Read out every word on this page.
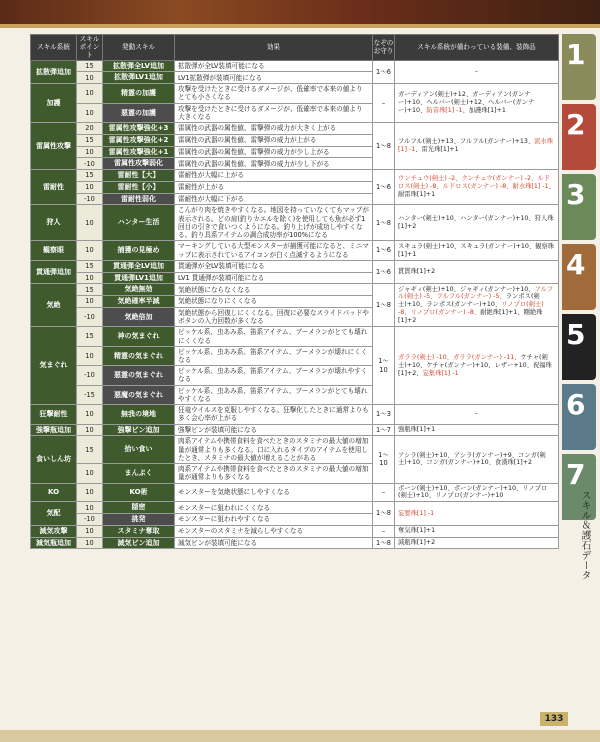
スキル系統	スキルポイント	発動スキル	効果	なぞの お守り	スキル系統が備わっている装備、装飾品
拡散弾追加	15	拡散弾全LV追加	拡散弾が全LV装填可能になる	1〜6	–
	10	拡散弾LV1追加	LV1拡散弾が装填可能になる		
加護	10	精霊の加護	攻撃を受けたときに受けるダメージが、低確率で本来の値よりとても小さくなる	–	ガーディアン(剣士)+12、ガーディアン(ガンナー)+10、ヘルバー(剣士)+12、ヘルバー(ガンナー)+10、防音珠[1] -1、加護珠[1]+1
	10	悪霊の加護	攻撃を受けたときに受けるダメージが、低確率で本来の値より大きくなる		
雷属性攻撃	20	雷属性攻撃強化+3	雷属性の武器の属性値、雷撃弾の威力が大きく上がる	1〜8	フルフル(剣士)+13、フルフル(ガンナー)+13、流水珠[1] -1、雷光珠[1]+1
	15	雷属性攻撃強化+2	雷属性の武器の属性値、雷撃弾の威力が上がる		
	10	雷属性攻撃強化+1	雷属性の武器の属性値、雷撃弾の威力が少し上がる		
	-10	雷属性攻撃弱化	雷属性の武器の属性値、雷撃弾の威力が少し下がる		
雷耐性	15	雷耐性【大】	雷耐性が大幅に上がる	1〜6	ウンチュウ(剣士) -2、クンチュウ(ガンナー) -2、ルドロス(剣士) -8、ルドロス(ガンナー) -8、耐水珠[1] -1、耐雷珠[1]+1
	10	雷耐性【小】	雷耐性が上がる		
	-10	雷耐性弱化	雷耐性が大幅に下がる		
狩人	10	ハンター生活	こんがり肉を焼きやすくなる。地図を持っていなくてもマップが表示される。どの肩(釣りカエルを除く)を使用しても魚が必ず1回目の引きで食いつくようになる。釣り上げが成功しやすくなる。釣り具系アイテムの調合成功率が100%になる	1〜8	ハンター(剣士)+10、ハンター(ガンナー)+10、狩人珠[1]+2
観察眼	10	捕獲の見極め	マーキングしている大型モンスターが捕獲可能になると、ミニマップに表示されているアイコンが白く点滅するようになる	1〜6	スキュラ(剣士)+10、スキュラ(ガンナー)+10、観察珠[1]+1
貫通弾追加	15	貫通弾全LV追加	貫通弾が全LV装填可能になる	1〜6	貫貫珠[1]+2
	10	貫通弾LV1追加	LV1 貫通弾が装填可能になる		
気絶	15	気絶無効	気絶状態にならなくなる	1〜8	ジャギィ(剣士)+10、ジャギィ(ガンナー)+10、フルフル(剣士) -5、フルフル(ガンナー) -5、ランポス(剣士)+10、ランポス(ガンナー)+10、リノプロ(剣士) -8、リノプロ(ガンナー) -8、耐絶珠[1]+1、剛絶珠[1]+2
	10	気絶確率半減	気絶状態になりにくくなる		
	-10	気絶倍加	気絶状態から回復しにくくなる。回復に必要なスライドパッドやボタンの入力回数が多くなる		
気まぐれ	15	神の気まぐれ	ピッケル系、虫あみ系、笛系アイテム、ブーメランがとても壊れにくくなる	1〜10	ガララ(剣士) -10、ガララ(ガンナー) -11、ケチャ(剣士)+10、ケチャ(ガンナー)+10、レザー+10、祝福珠[1]+2、妄集珠[1] -1
	10	精霊の気まぐれ	ピッケル系、虫あみ系、笛系アイテム、ブーメランが壊れにくくなる		
	-10	悪霊の気まぐれ	ピッケル系、虫あみ系、笛系アイテム、ブーメランが壊れやすくなる		
	-15	悪魔の気まぐれ	ピッケル系、虫あみ系、笛系アイテム、ブーメランがとても壊れやすくなる		
狂撃耐性	10	無我の境地	狂竜ウイルスを克服しやすくなる。狂撃化したときに通常よりも多く会心率が上がる	1〜3	–
強撃瓶追加	10	強撃ビン追加	強撃ビンが装填可能になる	1〜7	強瓶珠[1]+1
食いしん坊	15	拾い食い	肉系アイテムや携帯食料を食べたときのスタミナの最大値の増加量が通常よりも多くなる。口に入れるタイプのアイテムを使用したとき、スタミナの最大値が増えることがある	1〜10	アシラ(剣士)+10、アシラ(ガンナー)+9、コンガ(剣士)+10、コンガ(ガンナー)+10、食漢珠[1]+2
	10	まんぷく	肉系アイテムや携帯食料を食べたときのスタミナの最大値の増加量が通常よりも多くなる		
KO	10	KO術	モンスターを気絶状態にしやすくなる	–	ボーン(剣士)+10、ボーン(ガンナー)+10、リノプロ(剣士)+10、リノプロ(ガンナー)+10
気配	10	隠密	モンスターに狙われにくくなる	1〜8	妄要珠[1] -1
	-10	挑発	モンスターに狙われやすくなる		
減気攻撃	10	スタミナ奪取	モンスターのスタミナを減らしやすくなる	–	奪気珠[1]+1
減気瓶追加	10	減気ビン追加	減気ビンが装填可能になる	1〜8	減瓶珠[1]+2
1
2
3
4
5
6
7
スキル＆護石データ
133
